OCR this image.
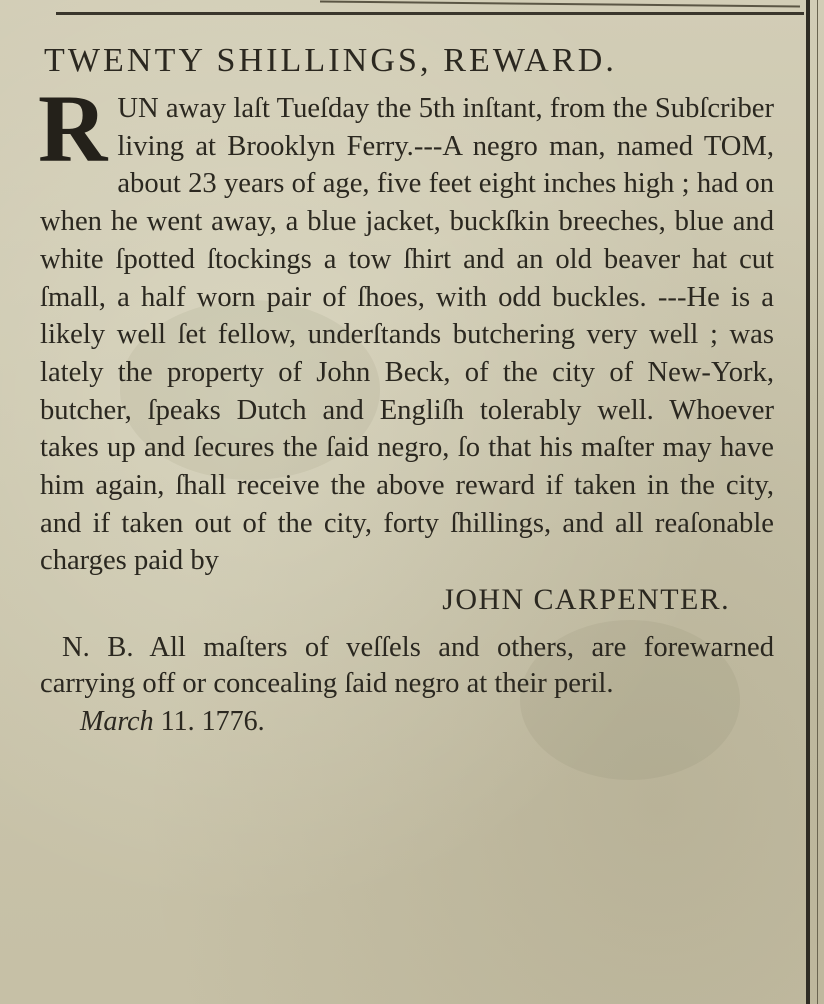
TWENTY SHILLINGS, REWARD.
R UN away laſt Tueſday the 5th inſtant, from the Subſcriber living at Brooklyn Ferry.---A negro man, named TOM, about 23 years of age, five feet eight inches high ; had on when he went away, a blue jacket, buckſkin breeches, blue and white ſpotted ſtockings a tow ſhirt and an old beaver hat cut ſmall, a half worn pair of ſhoes, with odd buckles. ---He is a likely well ſet fellow, underſtands butchering very well ; was lately the property of John Beck, of the city of New-York, butcher, ſpeaks Dutch and Engliſh tolerably well. Whoever takes up and ſecures the ſaid negro, ſo that his maſter may have him again, ſhall receive the above reward if taken in the city, and if taken out of the city, forty ſhillings, and all reaſonable charges paid by

JOHN CARPENTER.

N. B. All maſters of veſſels and others, are forewarned carrying off or concealing ſaid negro at their peril.

March 11. 1776.
